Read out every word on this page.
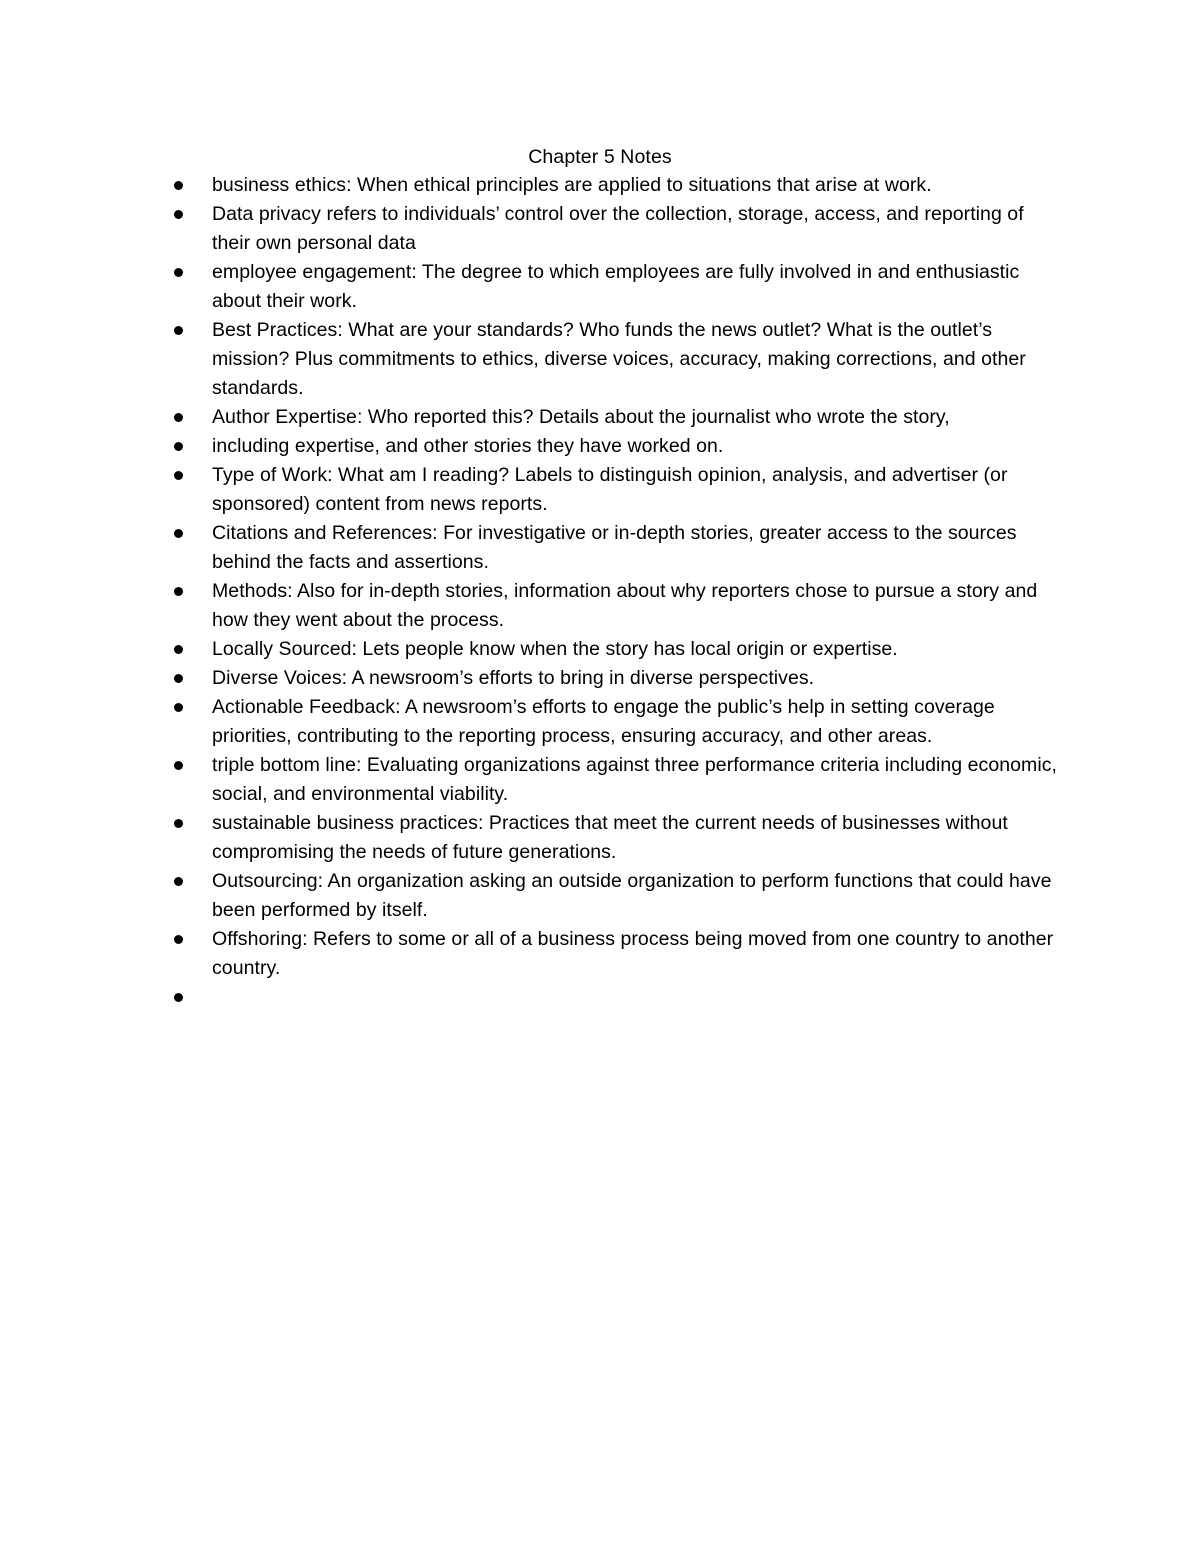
Chapter 5 Notes
business ethics: When ethical principles are applied to situations that arise at work.
Data privacy refers to individuals’ control over the collection, storage, access, and reporting of their own personal data
employee engagement: The degree to which employees are fully involved in and enthusiastic about their work.
Best Practices: What are your standards? Who funds the news outlet? What is the outlet’s mission? Plus commitments to ethics, diverse voices, accuracy, making corrections, and other standards.
Author Expertise: Who reported this? Details about the journalist who wrote the story,
including expertise, and other stories they have worked on.
Type of Work: What am I reading? Labels to distinguish opinion, analysis, and advertiser (or sponsored) content from news reports.
Citations and References: For investigative or in-depth stories, greater access to the sources behind the facts and assertions.
Methods: Also for in-depth stories, information about why reporters chose to pursue a story and how they went about the process.
Locally Sourced: Lets people know when the story has local origin or expertise.
Diverse Voices: A newsroom’s efforts to bring in diverse perspectives.
Actionable Feedback: A newsroom’s efforts to engage the public’s help in setting coverage priorities, contributing to the reporting process, ensuring accuracy, and other areas.
triple bottom line: Evaluating organizations against three performance criteria including economic, social, and environmental viability.
sustainable business practices: Practices that meet the current needs of businesses without compromising the needs of future generations.
Outsourcing: An organization asking an outside organization to perform functions that could have been performed by itself.
Offshoring: Refers to some or all of a business process being moved from one country to another country.
